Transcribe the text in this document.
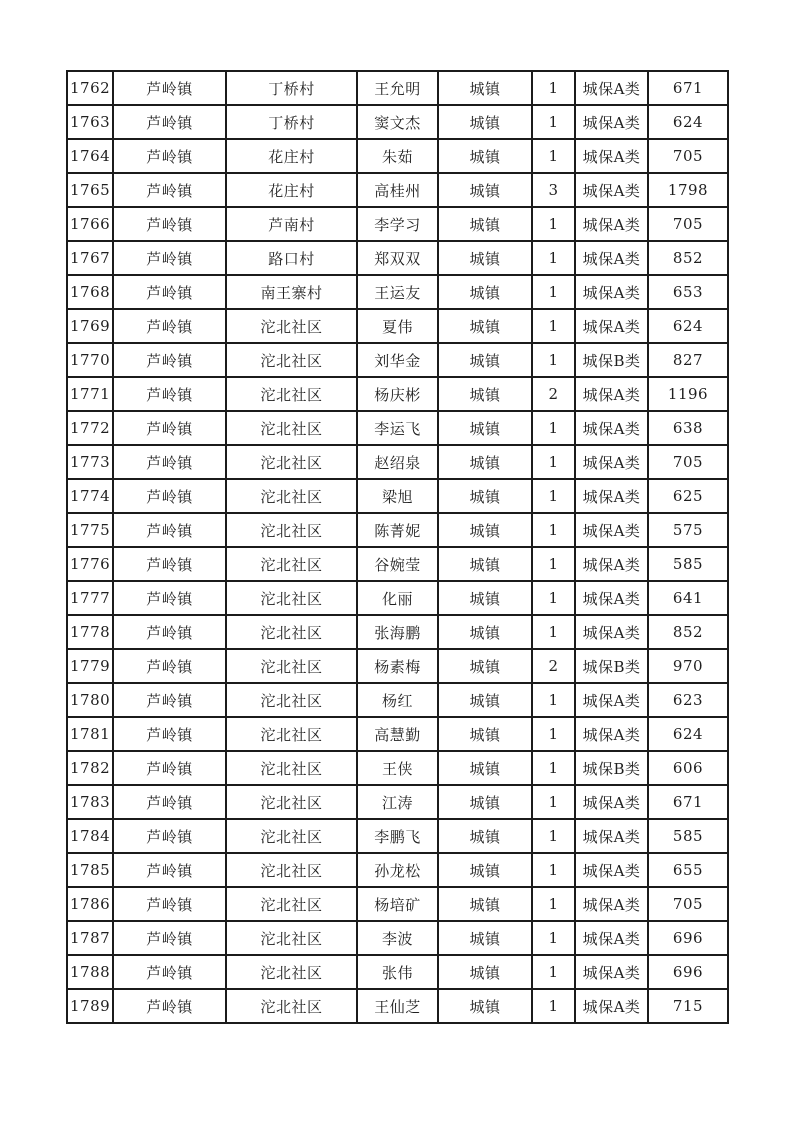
1762	芦岭镇	丁桥村	王允明	城镇	1	城保A类	671
1763	芦岭镇	丁桥村	窦文杰	城镇	1	城保A类	624
1764	芦岭镇	花庄村	朱茹	城镇	1	城保A类	705
1765	芦岭镇	花庄村	高桂州	城镇	3	城保A类	1798
1766	芦岭镇	芦南村	李学习	城镇	1	城保A类	705
1767	芦岭镇	路口村	郑双双	城镇	1	城保A类	852
1768	芦岭镇	南王寨村	王运友	城镇	1	城保A类	653
1769	芦岭镇	沱北社区	夏伟	城镇	1	城保A类	624
1770	芦岭镇	沱北社区	刘华金	城镇	1	城保B类	827
1771	芦岭镇	沱北社区	杨庆彬	城镇	2	城保A类	1196
1772	芦岭镇	沱北社区	李运飞	城镇	1	城保A类	638
1773	芦岭镇	沱北社区	赵绍泉	城镇	1	城保A类	705
1774	芦岭镇	沱北社区	梁旭	城镇	1	城保A类	625
1775	芦岭镇	沱北社区	陈菁妮	城镇	1	城保A类	575
1776	芦岭镇	沱北社区	谷婉莹	城镇	1	城保A类	585
1777	芦岭镇	沱北社区	化丽	城镇	1	城保A类	641
1778	芦岭镇	沱北社区	张海鹏	城镇	1	城保A类	852
1779	芦岭镇	沱北社区	杨素梅	城镇	2	城保B类	970
1780	芦岭镇	沱北社区	杨红	城镇	1	城保A类	623
1781	芦岭镇	沱北社区	高慧勤	城镇	1	城保A类	624
1782	芦岭镇	沱北社区	王侠	城镇	1	城保B类	606
1783	芦岭镇	沱北社区	江涛	城镇	1	城保A类	671
1784	芦岭镇	沱北社区	李鹏飞	城镇	1	城保A类	585
1785	芦岭镇	沱北社区	孙龙松	城镇	1	城保A类	655
1786	芦岭镇	沱北社区	杨培矿	城镇	1	城保A类	705
1787	芦岭镇	沱北社区	李波	城镇	1	城保A类	696
1788	芦岭镇	沱北社区	张伟	城镇	1	城保A类	696
1789	芦岭镇	沱北社区	王仙芝	城镇	1	城保A类	715
